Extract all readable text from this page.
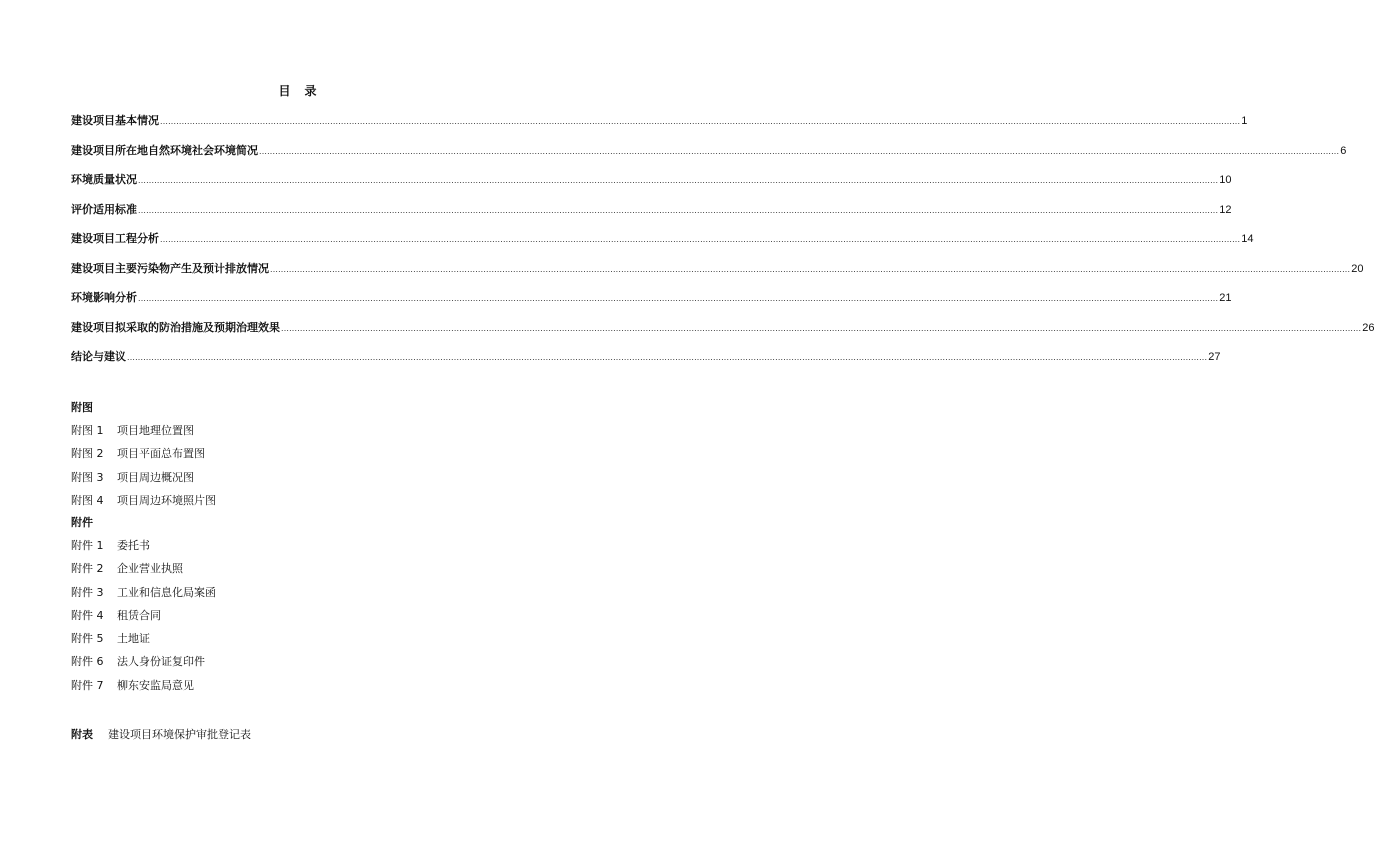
目 录
建设项目基本情况 ................................................................................................................................................................................................................................................................................................................................................................................................................ 1
建设项目所在地自然环境社会环境简况 ................................................................................................................................................................................................................................................................................................................................................................................................................ 6
环境质量状况 ................................................................................................................................................................................................................................................................................................................................................................................................................ 10
评价适用标准 ................................................................................................................................................................................................................................................................................................................................................................................................................ 12
建设项目工程分析 ................................................................................................................................................................................................................................................................................................................................................................................................................ 14
建设项目主要污染物产生及预计排放情况 ................................................................................................................................................................................................................................................................................................................................................................................................................ 20
环境影响分析 ................................................................................................................................................................................................................................................................................................................................................................................................................ 21
建设项目拟采取的防治措施及预期治理效果 ................................................................................................................................................................................................................................................................................................................................................................................................................ 26
结论与建议 ................................................................................................................................................................................................................................................................................................................................................................................................................ 27
附图
附图 1 项目地理位置图
附图 2 项目平面总布置图
附图 3 项目周边概况图
附图 4 项目周边环境照片图
附件
附件 1 委托书
附件 2 企业营业执照
附件 3 工业和信息化局案函
附件 4 租赁合同
附件 5 土地证
附件 6 法人身份证复印件
附件 7 柳东安监局意见
附表 建设项目环境保护审批登记表
